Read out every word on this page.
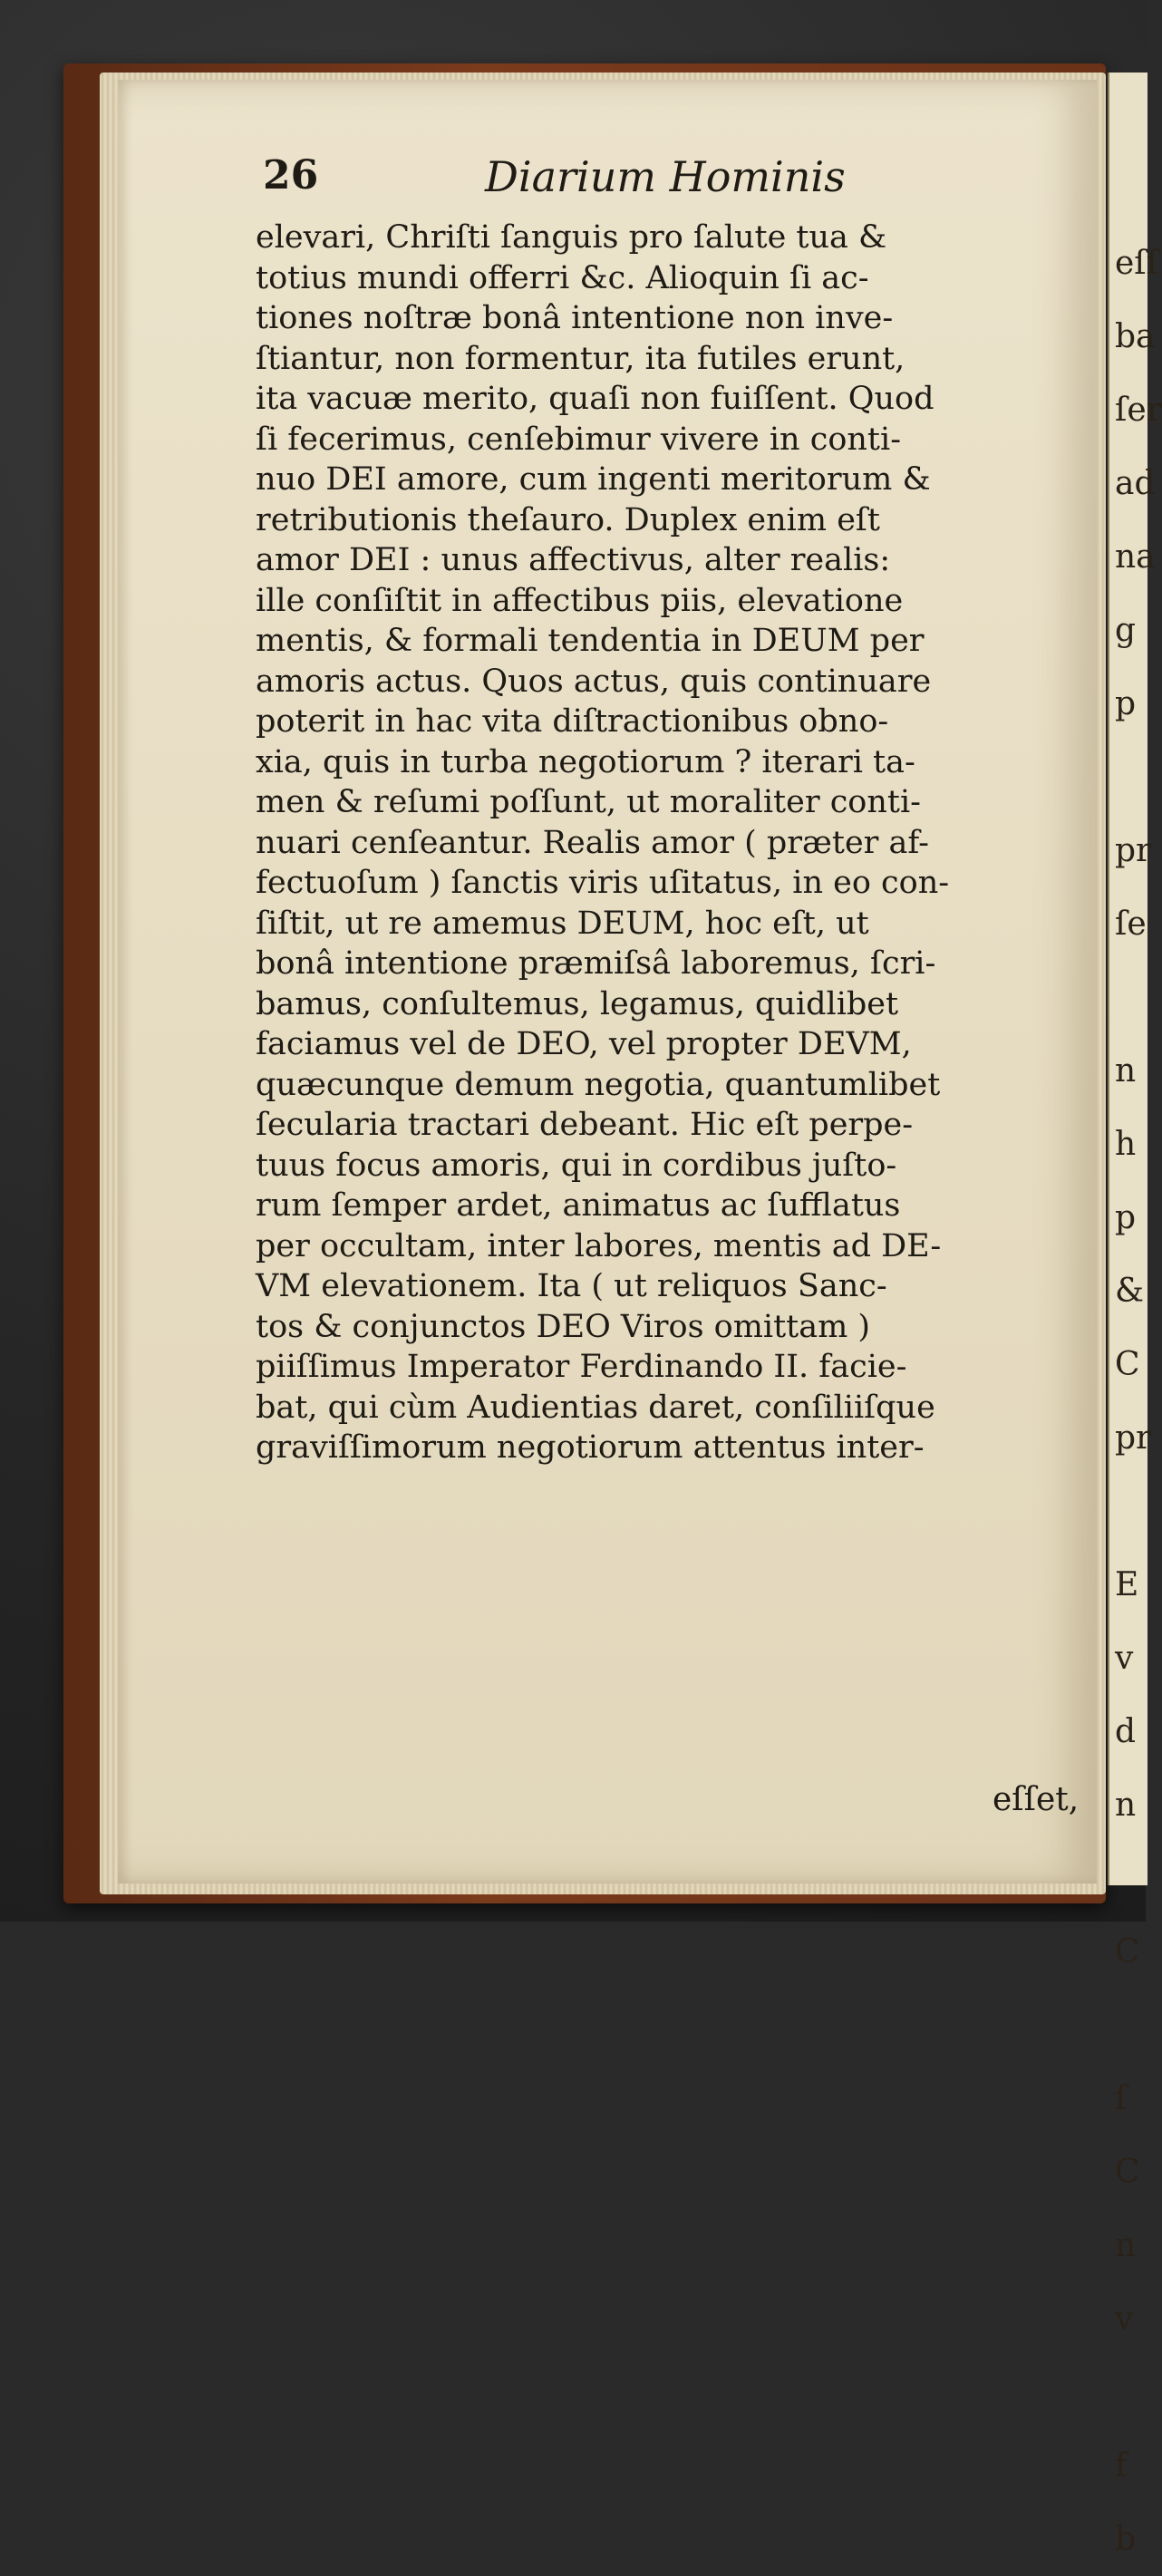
eſſ
ba
ſer
ad
na
g
p

pr
ſe

n
h
p
&
C
pr

E
v
d
n

C

ſ
C
n
v

f
b
26	Diarium Hominis
elevari, Chriſti ſanguis pro ſalute tua &
totius mundi offerri &c. Alioquin ſi ac-
tiones noſtræ bonâ intentione non inve-
ſtiantur, non formentur, ita futiles erunt,
ita vacuæ merito, quaſi non fuiſſent. Quod
ſi fecerimus, cenſebimur vivere in conti-
nuo DEI amore, cum ingenti meritorum &
retributionis theſauro. Duplex enim eſt
amor DEI : unus affectivus, alter realis:
ille conſiſtit in affectibus piis, elevatione
mentis, & formali tendentia in DEUM per
amoris actus. Quos actus, quis continuare
poterit in hac vita diſtractionibus obno-
xia, quis in turba negotiorum ? iterari ta-
men & reſumi poſſunt, ut moraliter conti-
nuari cenſeantur. Realis amor ( præter af-
fectuoſum ) ſanctis viris uſitatus, in eo con-
ſiſtit, ut re amemus DEUM, hoc eſt, ut
bonâ intentione præmiſsâ laboremus, ſcri-
bamus, conſultemus, legamus, quidlibet
faciamus vel de DEO, vel propter DEVM,
quæcunque demum negotia, quantumlibet
ſecularia tractari debeant. Hic eſt perpe-
tuus focus amoris, qui in cordibus juſto-
rum ſemper ardet, animatus ac ſufflatus
per occultam, inter labores, mentis ad DE-
VM elevationem. Ita ( ut reliquos Sanc-
tos & conjunctos DEO Viros omittam )
piiſſimus Imperator Ferdinando II. facie-
bat, qui cùm Audientias daret, conſiliiſque
graviſſimorum negotiorum attentus inter-
eſſet,
